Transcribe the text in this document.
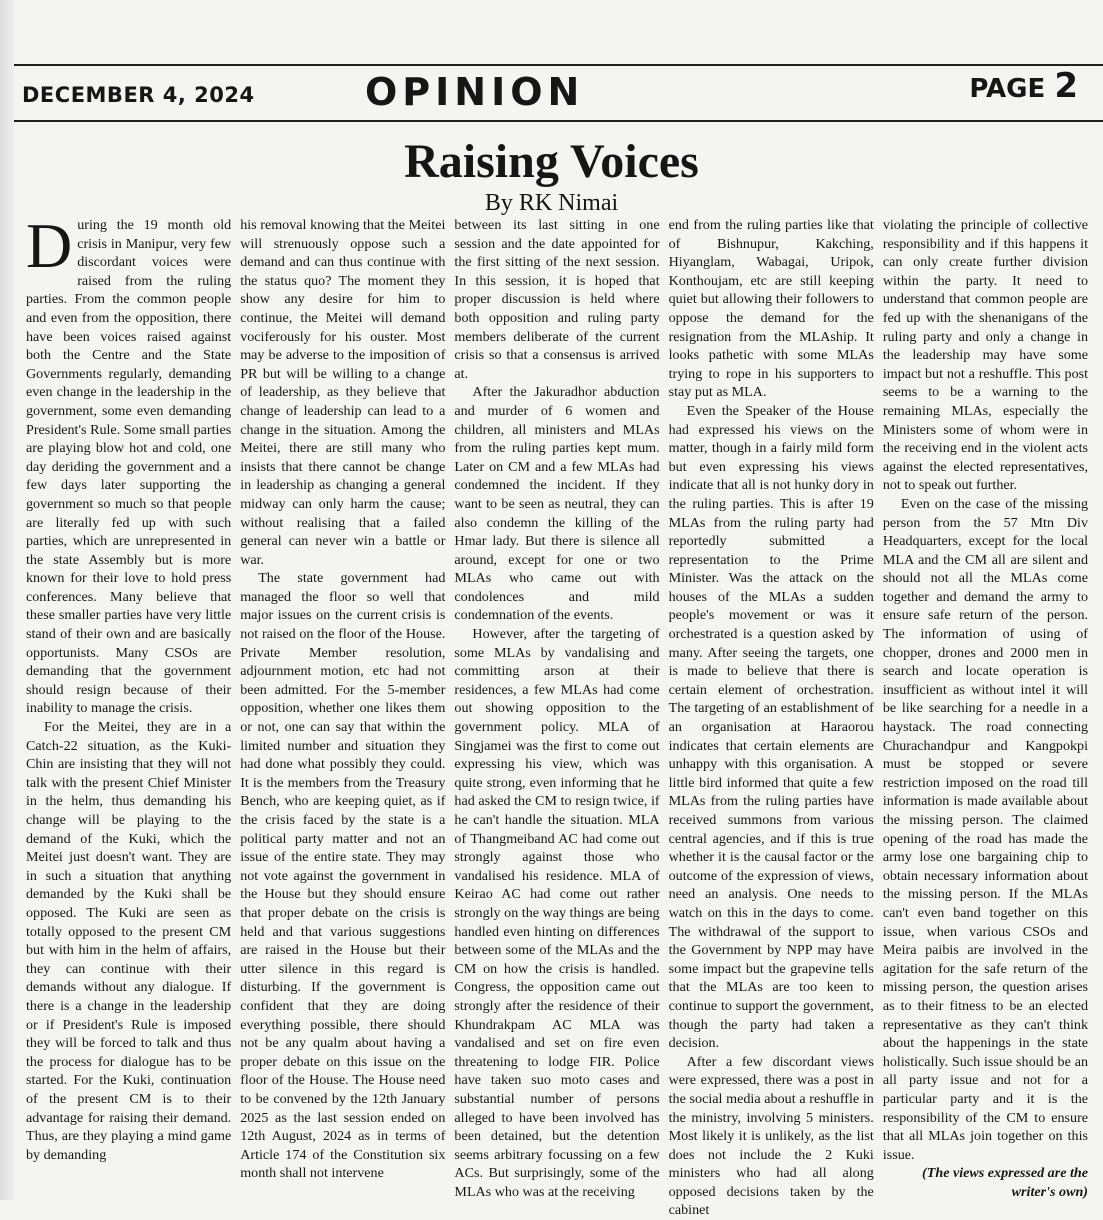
DECEMBER 4, 2024	OPINION	PAGE 2
Raising Voices
By RK Nimai

During the 19 month old crisis in Manipur, very few discordant voices were raised from the ruling parties. From the common people and even from the opposition, there have been voices raised against both the Centre and the State Governments regularly, demanding even change in the leadership in the government, some even demanding President's Rule. Some small parties are playing blow hot and cold, one day deriding the government and a few days later supporting the government so much so that people are literally fed up with such parties, which are unrepresented in the state Assembly but is more known for their love to hold press conferences. Many believe that these smaller parties have very little stand of their own and are basically opportunists. Many CSOs are demanding that the government should resign because of their inability to manage the crisis.

For the Meitei, they are in a Catch-22 situation, as the Kuki-Chin are insisting that they will not talk with the present Chief Minister in the helm, thus demanding his change will be playing to the demand of the Kuki, which the Meitei just doesn't want. They are in such a situation that anything demanded by the Kuki shall be opposed. The Kuki are seen as totally opposed to the present CM but with him in the helm of affairs, they can continue with their demands without any dialogue. If there is a change in the leadership or if President's Rule is imposed they will be forced to talk and thus the process for dialogue has to be started. For the Kuki, continuation of the present CM is to their advantage for raising their demand. Thus, are they playing a mind game by demanding

his removal knowing that the Meitei will strenuously oppose such a demand and can thus continue with the status quo? The moment they show any desire for him to continue, the Meitei will demand vociferously for his ouster. Most may be adverse to the imposition of PR but will be willing to a change of leadership, as they believe that change of leadership can lead to a change in the situation. Among the Meitei, there are still many who insists that there cannot be change in leadership as changing a general midway can only harm the cause; without realising that a failed general can never win a battle or war.

The state government had managed the floor so well that major issues on the current crisis is not raised on the floor of the House. Private Member resolution, adjournment motion, etc had not been admitted. For the 5-member opposition, whether one likes them or not, one can say that within the limited number and situation they had done what possibly they could. It is the members from the Treasury Bench, who are keeping quiet, as if the crisis faced by the state is a political party matter and not an issue of the entire state. They may not vote against the government in the House but they should ensure that proper debate on the crisis is held and that various suggestions are raised in the House but their utter silence in this regard is disturbing. If the government is confident that they are doing everything possible, there should not be any qualm about having a proper debate on this issue on the floor of the House. The House need to be convened by the 12th January 2025 as the last session ended on 12th August, 2024 as in terms of Article 174 of the Constitution six month shall not intervene

between its last sitting in one session and the date appointed for the first sitting of the next session. In this session, it is hoped that proper discussion is held where both opposition and ruling party members deliberate of the current crisis so that a consensus is arrived at.

After the Jakuradhor abduction and murder of 6 women and children, all ministers and MLAs from the ruling parties kept mum. Later on CM and a few MLAs had condemned the incident. If they want to be seen as neutral, they can also condemn the killing of the Hmar lady. But there is silence all around, except for one or two MLAs who came out with condolences and mild condemnation of the events.

However, after the targeting of some MLAs by vandalising and committing arson at their residences, a few MLAs had come out showing opposition to the government policy. MLA of Singjamei was the first to come out expressing his view, which was quite strong, even informing that he had asked the CM to resign twice, if he can't handle the situation. MLA of Thangmeiband AC had come out strongly against those who vandalised his residence. MLA of Keirao AC had come out rather strongly on the way things are being handled even hinting on differences between some of the MLAs and the CM on how the crisis is handled. Congress, the opposition came out strongly after the residence of their Khundrakpam AC MLA was vandalised and set on fire even threatening to lodge FIR. Police have taken suo moto cases and substantial number of persons alleged to have been involved has been detained, but the detention seems arbitrary focussing on a few ACs. But surprisingly, some of the MLAs who was at the receiving

end from the ruling parties like that of Bishnupur, Kakching, Hiyanglam, Wabagai, Uripok, Konthoujam, etc are still keeping quiet but allowing their followers to oppose the demand for the resignation from the MLAship. It looks pathetic with some MLAs trying to rope in his supporters to stay put as MLA.

Even the Speaker of the House had expressed his views on the matter, though in a fairly mild form but even expressing his views indicate that all is not hunky dory in the ruling parties. This is after 19 MLAs from the ruling party had reportedly submitted a representation to the Prime Minister. Was the attack on the houses of the MLAs a sudden people's movement or was it orchestrated is a question asked by many. After seeing the targets, one is made to believe that there is certain element of orchestration. The targeting of an establishment of an organisation at Haraorou indicates that certain elements are unhappy with this organisation. A little bird informed that quite a few MLAs from the ruling parties have received summons from various central agencies, and if this is true whether it is the causal factor or the outcome of the expression of views, need an analysis. One needs to watch on this in the days to come. The withdrawal of the support to the Government by NPP may have some impact but the grapevine tells that the MLAs are too keen to continue to support the government, though the party had taken a decision.

After a few discordant views were expressed, there was a post in the social media about a reshuffle in the ministry, involving 5 ministers. Most likely it is unlikely, as the list does not include the 2 Kuki ministers who had all along opposed decisions taken by the cabinet

violating the principle of collective responsibility and if this happens it can only create further division within the party. It need to understand that common people are fed up with the shenanigans of the ruling party and only a change in the leadership may have some impact but not a reshuffle. This post seems to be a warning to the remaining MLAs, especially the Ministers some of whom were in the receiving end in the violent acts against the elected representatives, not to speak out further.

Even on the case of the missing person from the 57 Mtn Div Headquarters, except for the local MLA and the CM all are silent and should not all the MLAs come together and demand the army to ensure safe return of the person. The information of using of chopper, drones and 2000 men in search and locate operation is insufficient as without intel it will be like searching for a needle in a haystack. The road connecting Churachandpur and Kangpokpi must be stopped or severe restriction imposed on the road till information is made available about the missing person. The claimed opening of the road has made the army lose one bargaining chip to obtain necessary information about the missing person. If the MLAs can't even band together on this issue, when various CSOs and Meira paibis are involved in the agitation for the safe return of the missing person, the question arises as to their fitness to be an elected representative as they can't think about the happenings in the state holistically. Such issue should be an all party issue and not for a particular party and it is the responsibility of the CM to ensure that all MLAs join together on this issue.

(The views expressed are the writer's own)
